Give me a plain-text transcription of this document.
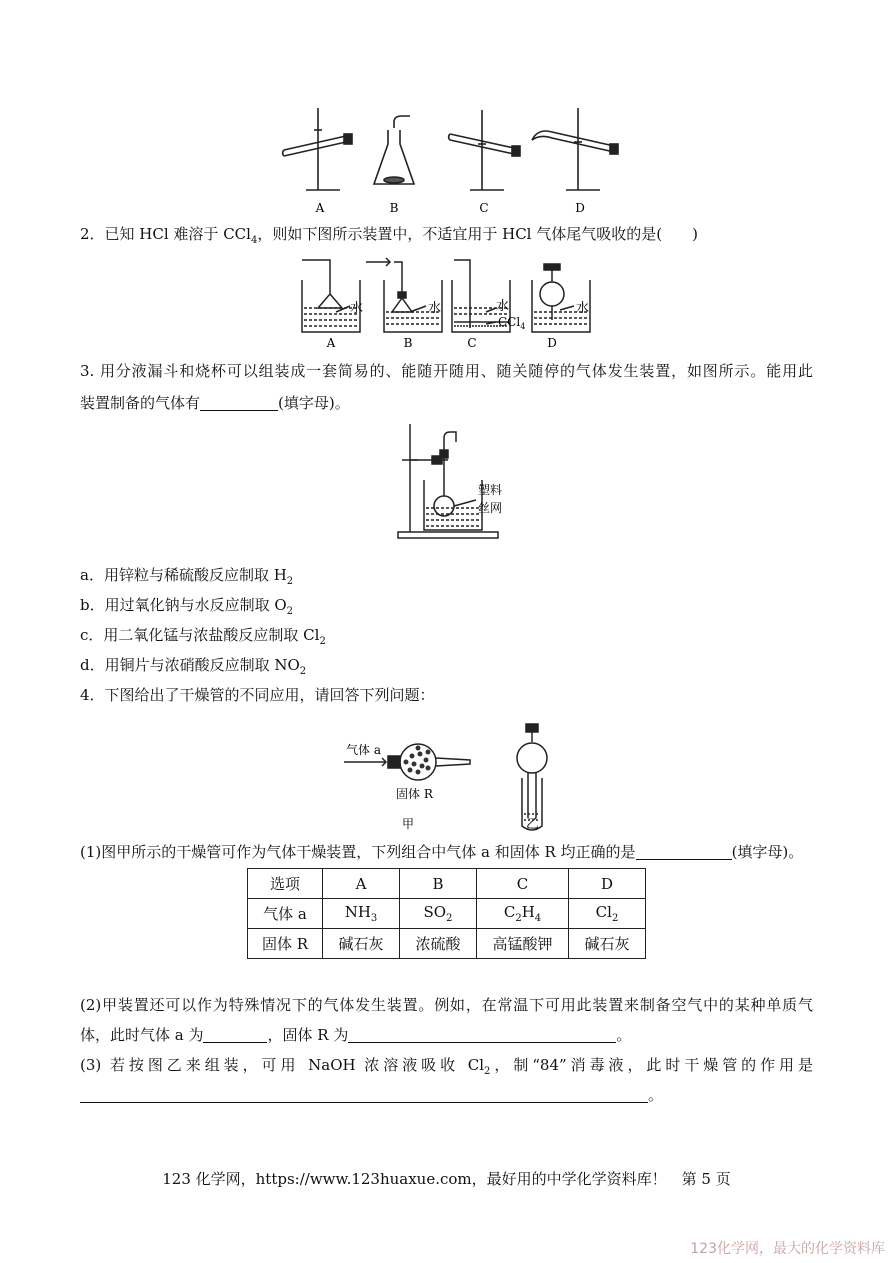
A	B	C	D
2．已知 HCl 难溶于 CCl$_4$，则如下图所示装置中，不适宜用于 HCl 气体尾气吸收的是(　　)
水	水	水
CCl$_4$
水
A	B	C	D
3. 用分液漏斗和烧杯可以组装成一套简易的、能随开随用、随关随停的气体发生装置，如图所示。能用此
装置制备的气体有	(填字母)。
塑料
丝网
a．用锌粒与稀硫酸反应制取 $H_2$
b．用过氧化钠与水反应制取 $O_2$
c．用二氧化锰与浓盐酸反应制取 $Cl_2$
d．用铜片与浓硝酸反应制取 $NO_2$
4．下图给出了干燥管的不同应用，请回答下列问题：
气体 a
固体 R
甲	乙
(1)图甲所示的干燥管可作为气体干燥装置，下列组合中气体 a 和固体 R 均正确的是	(填字母)。
选项	A	B	C	D
气体 a	$NH_3$	$SO_2$	$C_2H_4$	$Cl_2$
固体 R	碱石灰	浓硫酸	高锰酸钾	碱石灰
(2)甲装置还可以作为特殊情况下的气体发生装置。例如，在常温下可用此装置来制备空气中的某种单质气
体，此时气体 a 为	，固体 R 为	。
(3) 若按图乙来组装，可用 NaOH 浓溶液吸收 $Cl_2$，制“84”消毒液，此时干燥管的作用是
。
123 化学网，https://www.123huaxue.com，最好用的中学化学资料库！　第 5 页
123化学网，最大的化学资料库
